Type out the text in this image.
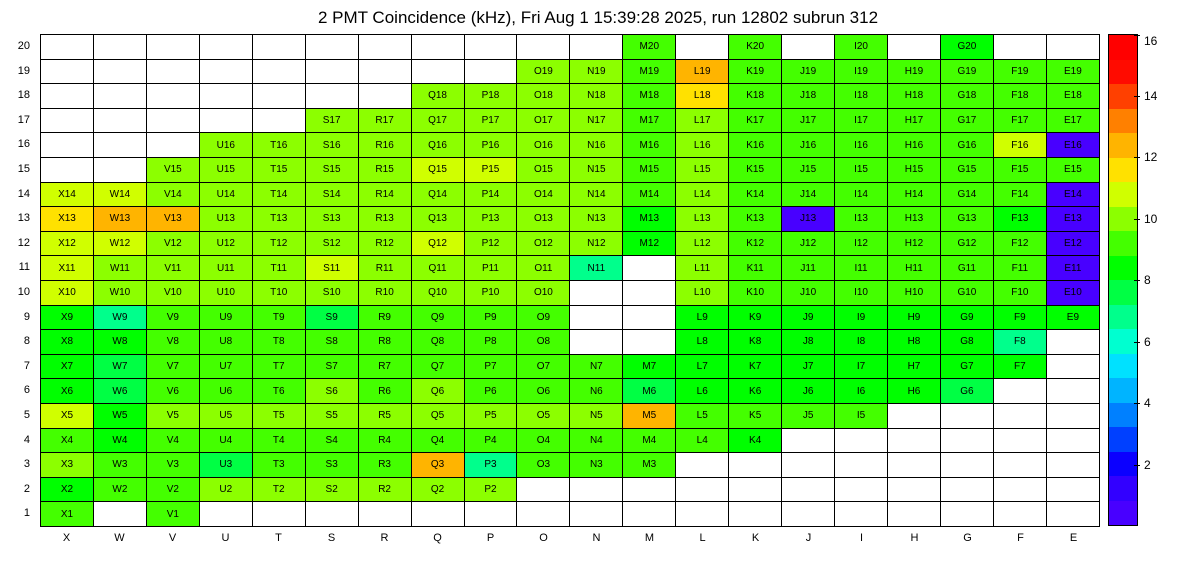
2 PMT Coincidence (kHz), Fri Aug 1 15:39:28 2025, run 12802 subrun 312
20
19
18
17
16
15
14
13
12
11
10
9
8
7
6
5
4
3
2
1
											M20		K20		I20		G20		
									O19	N19	M19	L19	K19	J19	I19	H19	G19	F19	E19
							Q18	P18	O18	N18	M18	L18	K18	J18	I18	H18	G18	F18	E18
					S17	R17	Q17	P17	O17	N17	M17	L17	K17	J17	I17	H17	G17	F17	E17
			U16	T16	S16	R16	Q16	P16	O16	N16	M16	L16	K16	J16	I16	H16	G16	F16	E16
		V15	U15	T15	S15	R15	Q15	P15	O15	N15	M15	L15	K15	J15	I15	H15	G15	F15	E15
X14	W14	V14	U14	T14	S14	R14	Q14	P14	O14	N14	M14	L14	K14	J14	I14	H14	G14	F14	E14
X13	W13	V13	U13	T13	S13	R13	Q13	P13	O13	N13	M13	L13	K13	J13	I13	H13	G13	F13	E13
X12	W12	V12	U12	T12	S12	R12	Q12	P12	O12	N12	M12	L12	K12	J12	I12	H12	G12	F12	E12
X11	W11	V11	U11	T11	S11	R11	Q11	P11	O11	N11		L11	K11	J11	I11	H11	G11	F11	E11
X10	W10	V10	U10	T10	S10	R10	Q10	P10	O10			L10	K10	J10	I10	H10	G10	F10	E10
X9	W9	V9	U9	T9	S9	R9	Q9	P9	O9			L9	K9	J9	I9	H9	G9	F9	E9
X8	W8	V8	U8	T8	S8	R8	Q8	P8	O8			L8	K8	J8	I8	H8	G8	F8	
X7	W7	V7	U7	T7	S7	R7	Q7	P7	O7	N7	M7	L7	K7	J7	I7	H7	G7	F7	
X6	W6	V6	U6	T6	S6	R6	Q6	P6	O6	N6	M6	L6	K6	J6	I6	H6	G6		
X5	W5	V5	U5	T5	S5	R5	Q5	P5	O5	N5	M5	L5	K5	J5	I5				
X4	W4	V4	U4	T4	S4	R4	Q4	P4	O4	N4	M4	L4	K4						
X3	W3	V3	U3	T3	S3	R3	Q3	P3	O3	N3	M3								
X2	W2	V2	U2	T2	S2	R2	Q2	P2											
X1		V1																	
X	W	V	U	T	S	R	Q	P	O	N	M	L	K	J	I	H	G	F	E
2
4
6
8
10
12
14
16
